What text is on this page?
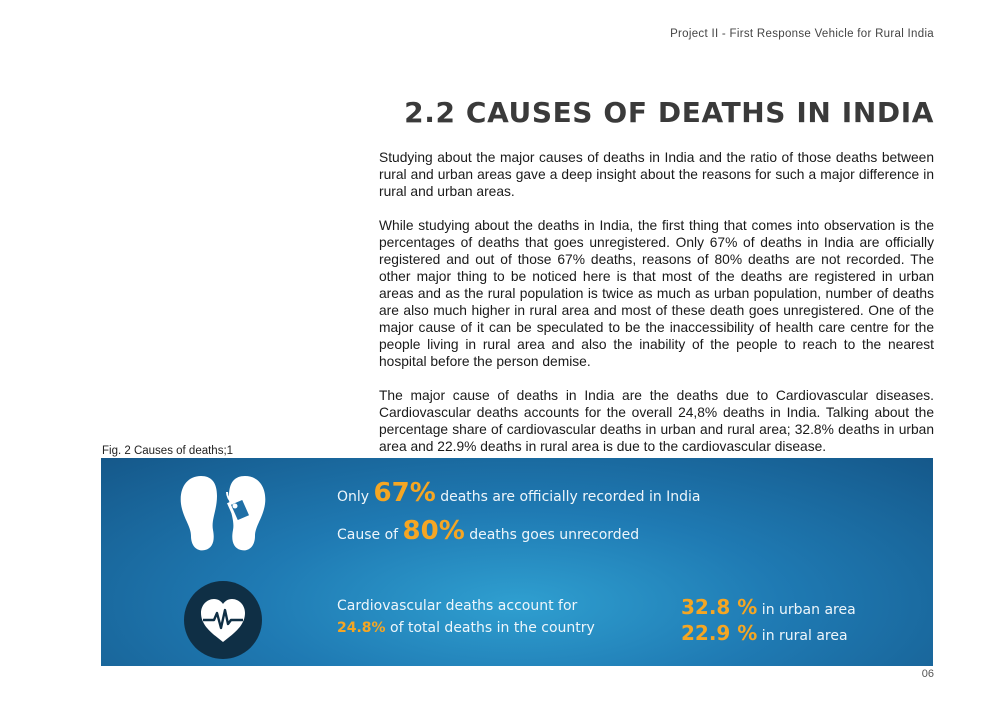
Project II - First Response Vehicle for Rural India
2.2 CAUSES OF DEATHS IN INDIA

Studying about the major causes of deaths in India and the ratio of those deaths between rural and urban areas gave a deep insight about the reasons for such a major difference in rural and urban areas.

While studying about the deaths in India, the first thing that comes into observation is the percentages of deaths that goes unregistered. Only 67% of deaths in India are officially registered and out of those 67% deaths, reasons of 80% deaths are not recorded. The other major thing to be noticed here is that most of the deaths are registered in urban areas and as the rural population is twice as much as urban population, number of deaths are also much higher in rural area and most of these death goes unregistered. One of the major cause of it can be speculated to be the inaccessibility of health care centre for the people living in rural area and also the inability of the people to reach to the nearest hospital before the person demise.

The major cause of deaths in India are the deaths due to Cardiovascular diseases. Cardiovascular deaths accounts for the overall 24,8% deaths in India. Talking about the percentage share of cardiovascular deaths in urban and rural area; 32.8% deaths in urban area and 22.9% deaths in rural area is due to the cardiovascular disease.

Fig. 2 Causes of deaths;1
Only 67% deaths are officially recorded in India
Cause of 80% deaths goes unrecorded
Cardiovascular deaths account for
24.8% of total deaths in the country
32.8 % in urban area
22.9 % in rural area
06
